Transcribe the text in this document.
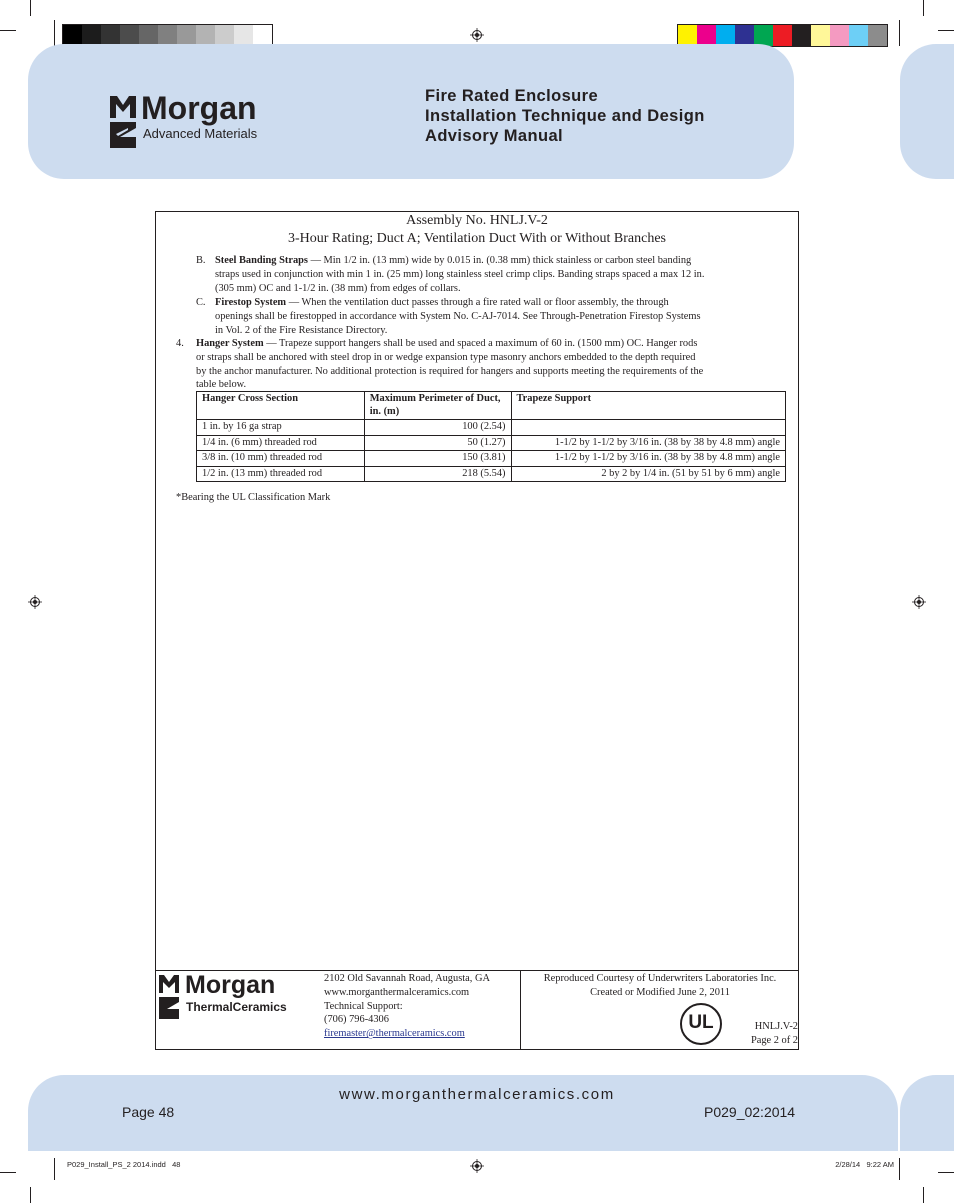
Morgan
Advanced Materials
Fire Rated Enclosure
Installation Technique and Design
Advisory Manual
Assembly No. HNLJ.V-2
3-Hour Rating; Duct A; Ventilation Duct With or Without Branches
B. Steel Banding Straps — Min 1/2 in. (13 mm) wide by 0.015 in. (0.38 mm) thick stainless or carbon steel banding
straps used in conjunction with min 1 in. (25 mm) long stainless steel crimp clips. Banding straps spaced a max 12 in.
(305 mm) OC and 1-1/2 in. (38 mm) from edges of collars.
C. Firestop System — When the ventilation duct passes through a fire rated wall or floor assembly, the through
openings shall be firestopped in accordance with System No. C-AJ-7014. See Through-Penetration Firestop Systems
in Vol. 2 of the Fire Resistance Directory.
4. Hanger System — Trapeze support hangers shall be used and spaced a maximum of 60 in. (1500 mm) OC. Hanger rods
or straps shall be anchored with steel drop in or wedge expansion type masonry anchors embedded to the depth required
by the anchor manufacturer. No additional protection is required for hangers and supports meeting the requirements of the
table below.
Hanger Cross Section	Maximum Perimeter of Duct, in. (m)	Trapeze Support
1 in. by 16 ga strap	100 (2.54)	
1/4 in. (6 mm) threaded rod	50 (1.27)	1-1/2 by 1-1/2 by 3/16 in. (38 by 38 by 4.8 mm) angle
3/8 in. (10 mm) threaded rod	150 (3.81)	1-1/2 by 1-1/2 by 3/16 in. (38 by 38 by 4.8 mm) angle
1/2 in. (13 mm) threaded rod	218 (5.54)	2 by 2 by 1/4 in. (51 by 51 by 6 mm) angle
*Bearing the UL Classification Mark
Morgan
ThermalCeramics
2102 Old Savannah Road, Augusta, GA
www.morganthermalceramics.com
Technical Support:
(706) 796-4306
firemaster@thermalceramics.com
Reproduced Courtesy of Underwriters Laboratories Inc.
Created or Modified June 2, 2011
UL	HNLJ.V-2
Page 2 of 2
www.morganthermalceramics.com
Page 48	P029_02:2014
P029_Install_PS_2 2014.indd   48	2/28/14   9:22 AM
